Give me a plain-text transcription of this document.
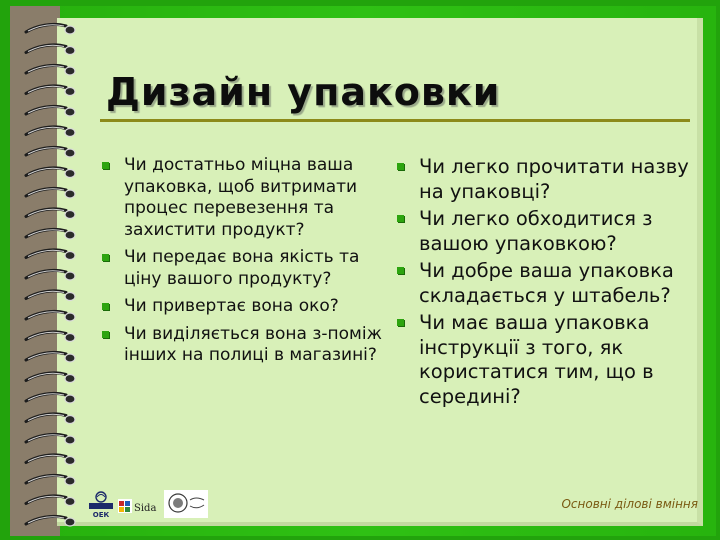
Дизайн упаковки
Чи достатньо міцна ваша упаковка, щоб витримати процес перевезення та захистити продукт?
Чи передає вона якість та ціну вашого продукту?
Чи привертає вона око?
Чи виділяється вона з-поміж інших на полиці в магазині?
Чи легко прочитати назву на упаковці?
Чи легко обходитися з вашою упаковкою?
Чи добре ваша упаковка складається у штабель?
Чи має ваша упаковка інструкції з того, як користатися тим, що в середині?
ОЕК
Sida	Основні ділові вміння
